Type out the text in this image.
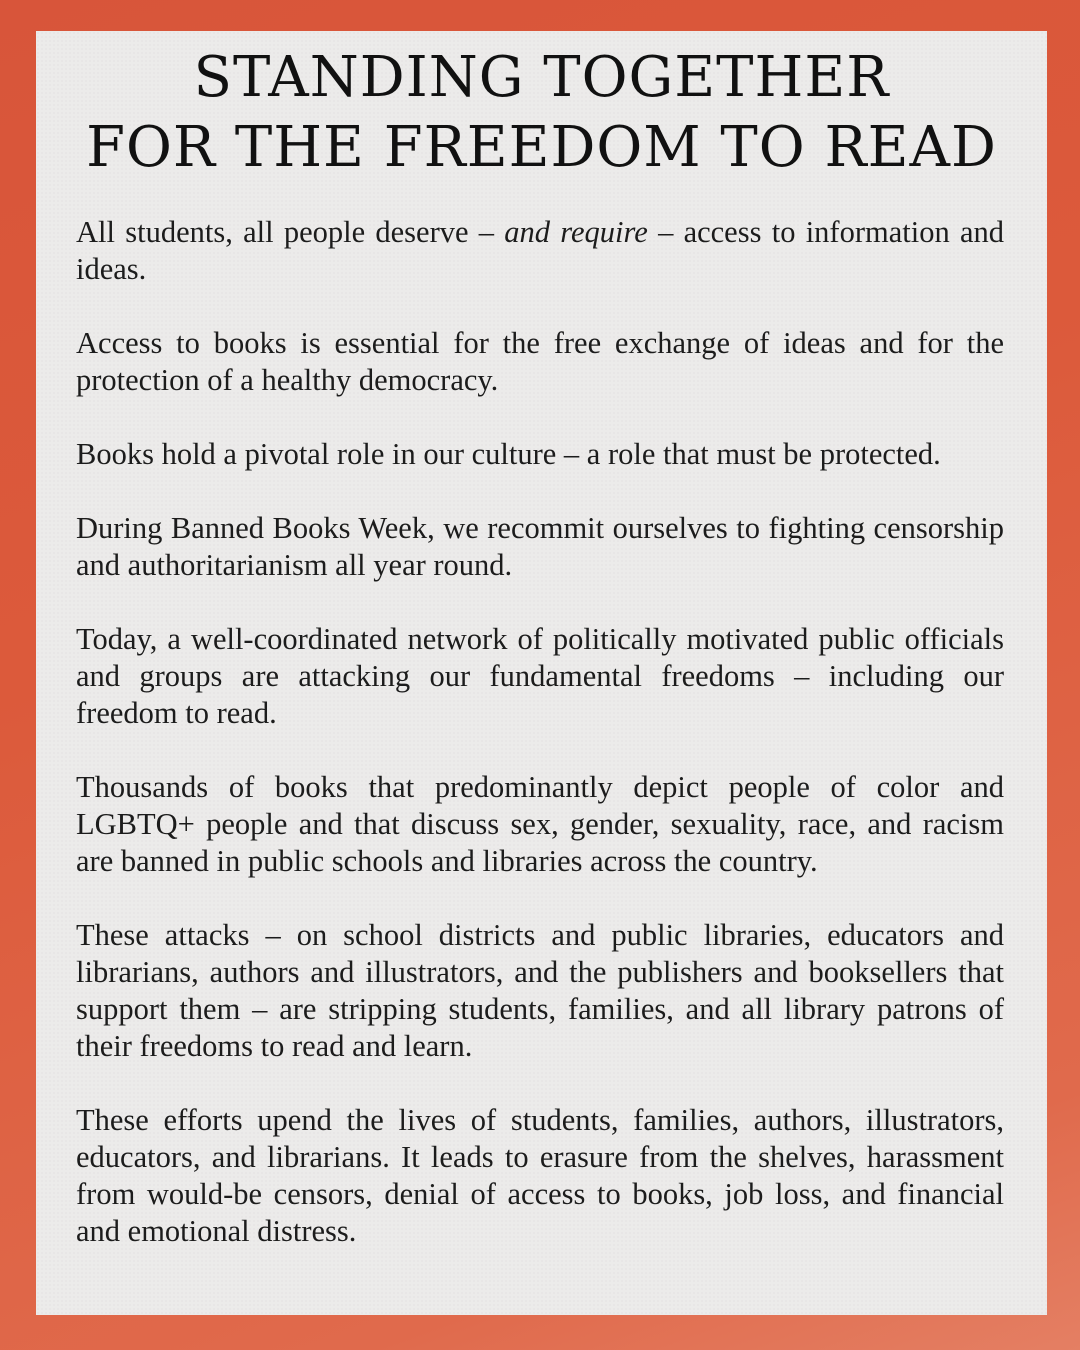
STANDING TOGETHER
FOR THE FREEDOM TO READ

All students, all people deserve – and require – access to information and ideas.

Access to books is essential for the free exchange of ideas and for the protection of a healthy democracy.

Books hold a pivotal role in our culture – a role that must be protected.

During Banned Books Week, we recommit ourselves to fighting censorship and authoritarianism all year round.

Today, a well-coordinated network of politically motivated public officials and groups are attacking our fundamental freedoms – including our freedom to read.

Thousands of books that predominantly depict people of color and LGBTQ+ people and that discuss sex, gender, sexuality, race, and racism are banned in public schools and libraries across the country.

These attacks – on school districts and public libraries, educators and librarians, authors and illustrators, and the publishers and booksellers that support them – are stripping students, families, and all library patrons of their freedoms to read and learn.

These efforts upend the lives of students, families, authors, illustrators, educators, and librarians. It leads to erasure from the shelves, harassment from would-be censors, denial of access to books, job loss, and financial and emotional distress.
